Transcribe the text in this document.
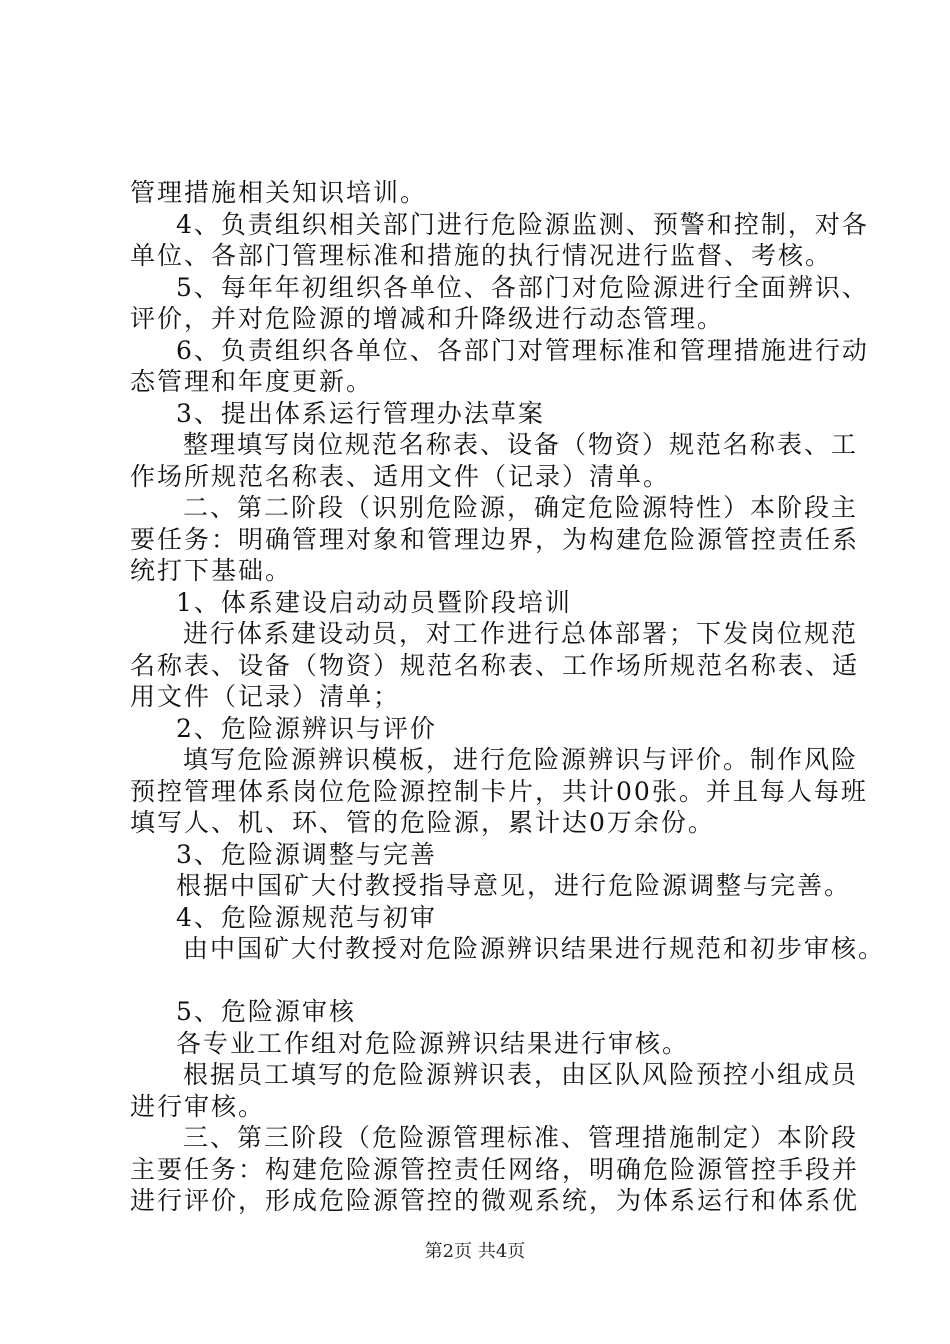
管理措施相关知识培训。
4、负责组织相关部门进行危险源监测、预警和控制，对各
单位、各部门管理标准和措施的执行情况进行监督、考核。
5、每年年初组织各单位、各部门对危险源进行全面辨识、
评价，并对危险源的增减和升降级进行动态管理。
6、负责组织各单位、各部门对管理标准和管理措施进行动
态管理和年度更新。
3、提出体系运行管理办法草案
整理填写岗位规范名称表、设备（物资）规范名称表、工
作场所规范名称表、适用文件（记录）清单。
二、第二阶段（识别危险源，确定危险源特性）本阶段主
要任务：明确管理对象和管理边界，为构建危险源管控责任系
统打下基础。
1、体系建设启动动员暨阶段培训
进行体系建设动员，对工作进行总体部署；下发岗位规范
名称表、设备（物资）规范名称表、工作场所规范名称表、适
用文件（记录）清单；
2、危险源辨识与评价
填写危险源辨识模板，进行危险源辨识与评价。制作风险
预控管理体系岗位危险源控制卡片，共计00张。并且每人每班
填写人、机、环、管的危险源，累计达0万余份。
3、危险源调整与完善
根据中国矿大付教授指导意见，进行危险源调整与完善。
4、危险源规范与初审
由中国矿大付教授对危险源辨识结果进行规范和初步审核。
5、危险源审核
各专业工作组对危险源辨识结果进行审核。
根据员工填写的危险源辨识表，由区队风险预控小组成员
进行审核。
三、第三阶段（危险源管理标准、管理措施制定）本阶段
主要任务：构建危险源管控责任网络，明确危险源管控手段并
进行评价，形成危险源管控的微观系统，为体系运行和体系优
第2页 共4页
